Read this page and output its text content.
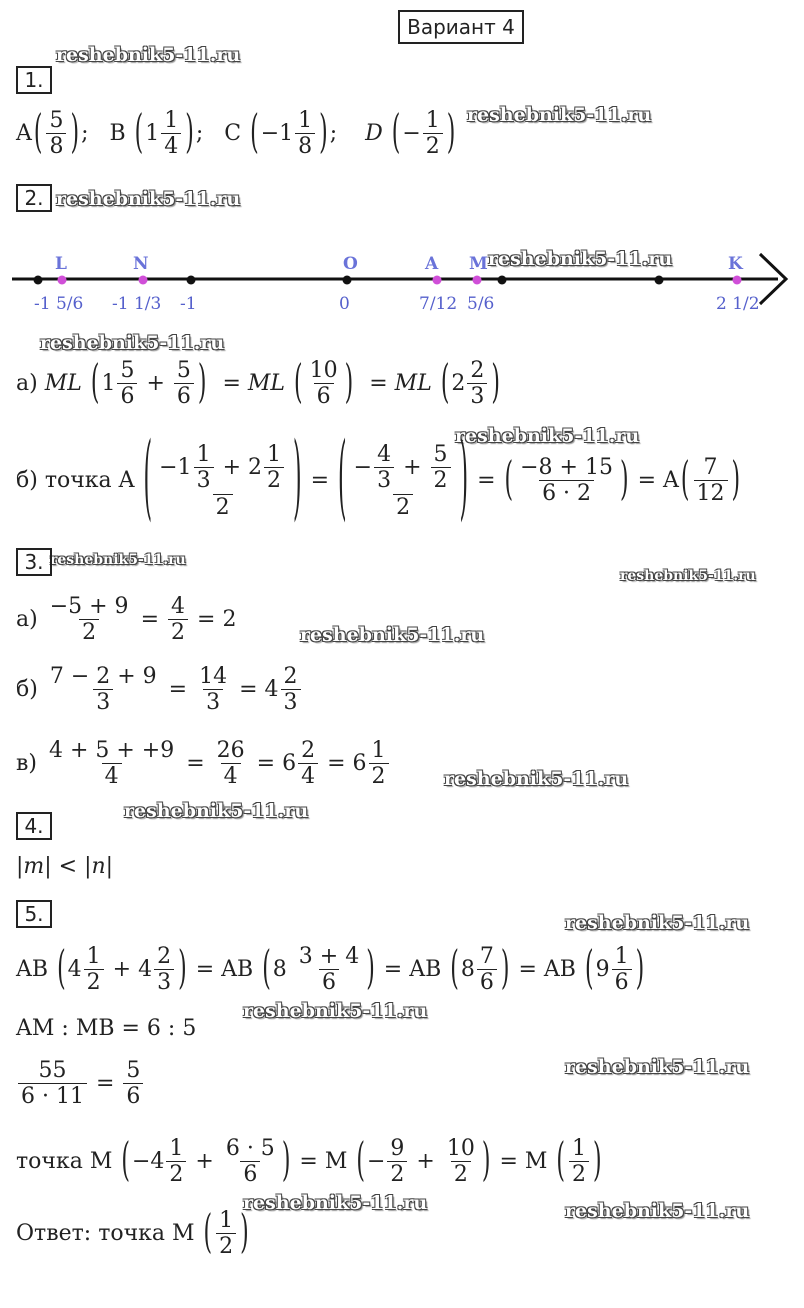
Вариант 4
reshebnik5-11.ru
reshebnik5-11.ru
reshebnik5-11.ru
reshebnik5-11.ru
reshebnik5-11.ru
reshebnik5-11.ru
reshebnik5-11.ru
reshebnik5-11.ru
reshebnik5-11.ru
reshebnik5-11.ru
reshebnik5-11.ru
reshebnik5-11.ru
reshebnik5-11.ru
reshebnik5-11.ru
reshebnik5-11.ru	reshebnik5-11.ru
1.
$A( \frac{5}{8}$ ); B ($1 \frac{1}{4}$ ); C ($-1 \frac{1}{8}$ ); D (− $\frac{1}{2}$ )
2.
L	N	O	A M	K
-1 5/6 -1 1/3 -1	0	7/12 5/6	2 1/2
а) ML ($1 \frac{5}{6} + \frac{5}{6}$ ) = ML ( $\frac{10}{6}$ ) = ML ($2 \frac{2}{3}$ )
б) точка A ( $\frac{-1 \frac{1}{3} + 2 \frac{1}{2}}{2}$ ) = ( $\frac{- \frac{4}{3} + \frac{5}{2}}{2}$ ) = ( $\frac{-8 + 15}{6 \cdot 2}$ ) = $A( \frac{7}{12}$ )
3.
$а) \frac{-5 + 9}{2} = \frac{4}{2} = 2$
$б) \frac{7 - 2 + 9}{3} = \frac{14}{3} = 4 \frac{2}{3}$
$в) \frac{4 + 5 + +9}{4} = \frac{26}{4} = 6 \frac{2}{4} = 6 \frac{1}{2}$
4.
|m| < |n|
5.
AB ($4 \frac{1}{2} + 4 \frac{2}{3}$ ) = AB ($8 \frac{3 + 4}{6}$ ) = AB ($8 \frac{7}{6}$ ) = AB ($9 \frac{1}{6}$ )
AM : MB = 6 : 5
$\frac{55}{6 \cdot 11} = \frac{5}{6}$
точка M ($-4 \frac{1}{2} + \frac{6 \cdot 5}{6}$ ) = M (− $\frac{9}{2} + \frac{10}{2}$ ) = M ( $\frac{1}{2}$ )
Ответ: точка M ( $\frac{1}{2}$ )
